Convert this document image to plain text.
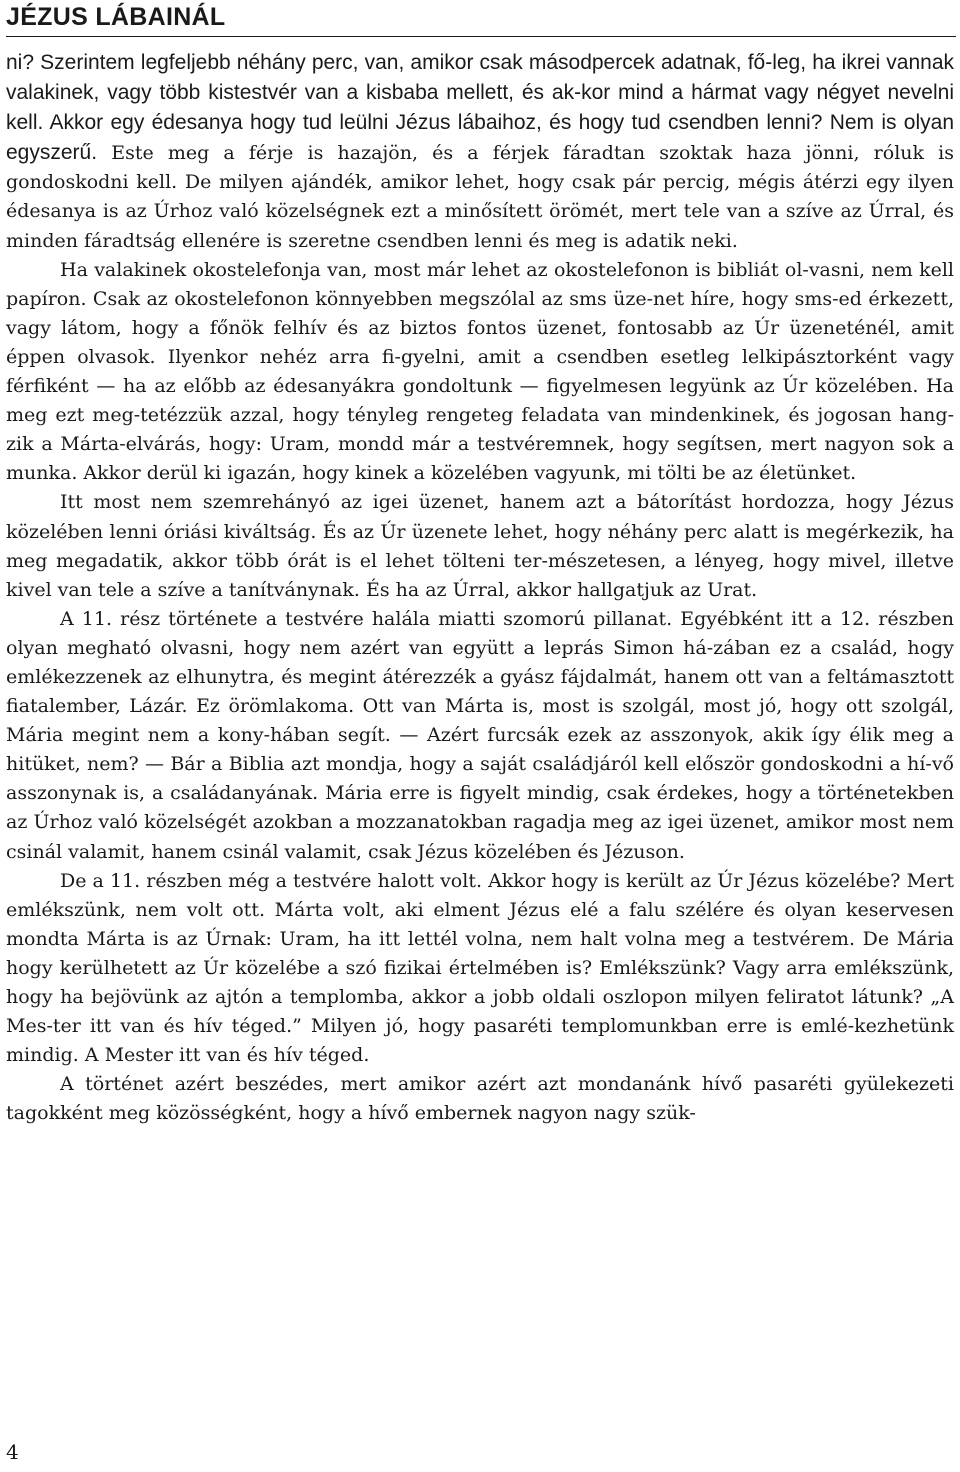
JÉZUS LÁBAINÁL

ni? Szerintem legfeljebb néhány perc, van, amikor csak másodpercek adatnak, fő-leg, ha ikrei vannak valakinek, vagy több kistestvér van a kisbaba mellett, és ak-kor mind a hármat vagy négyet nevelni kell. Akkor egy édesanya hogy tud leülni Jézus lábaihoz, és hogy tud csendben lenni? Nem is olyan egyszerű. Este meg a férje is hazajön, és a férjek fáradtan szoktak haza jönni, róluk is gondoskodni kell. De milyen ajándék, amikor lehet, hogy csak pár percig, mégis átérzi egy ilyen édesanya is az Úrhoz való közelségnek ezt a minősített örömét, mert tele van a szíve az Úrral, és minden fáradtság ellenére is szeretne csendben lenni és meg is adatik neki.

Ha valakinek okostelefonja van, most már lehet az okostelefonon is bibliát ol-vasni, nem kell papíron. Csak az okostelefonon könnyebben megszólal az sms üze-net híre, hogy sms-ed érkezett, vagy látom, hogy a főnök felhív és az biztos fontos üzenet, fontosabb az Úr üzeneténél, amit éppen olvasok. Ilyenkor nehéz arra fi-gyelni, amit a csendben esetleg lelkipásztorként vagy férfiként — ha az előbb az édesanyákra gondoltunk — figyelmesen legyünk az Úr közelében. Ha meg ezt meg-tetézzük azzal, hogy tényleg rengeteg feladata van mindenkinek, és jogosan hang-zik a Márta-elvárás, hogy: Uram, mondd már a testvéremnek, hogy segítsen, mert nagyon sok a munka. Akkor derül ki igazán, hogy kinek a közelében vagyunk, mi tölti be az életünket.

Itt most nem szemrehányó az igei üzenet, hanem azt a bátorítást hordozza, hogy Jézus közelében lenni óriási kiváltság. És az Úr üzenete lehet, hogy néhány perc alatt is megérkezik, ha meg megadatik, akkor több órát is el lehet tölteni ter-mészetesen, a lényeg, hogy mivel, illetve kivel van tele a szíve a tanítványnak. És ha az Úrral, akkor hallgatjuk az Urat.

A 11. rész története a testvére halála miatti szomorú pillanat. Egyébként itt a 12. részben olyan megható olvasni, hogy nem azért van együtt a leprás Simon há-zában ez a család, hogy emlékezzenek az elhunytra, és megint átérezzék a gyász fájdalmát, hanem ott van a feltámasztott fiatalember, Lázár. Ez örömlakoma. Ott van Márta is, most is szolgál, most jó, hogy ott szolgál, Mária megint nem a kony-hában segít. — Azért furcsák ezek az asszonyok, akik így élik meg a hitüket, nem? — Bár a Biblia azt mondja, hogy a saját családjáról kell először gondoskodni a hí-vő asszonynak is, a családanyának. Mária erre is figyelt mindig, csak érdekes, hogy a történetekben az Úrhoz való közelségét azokban a mozzanatokban ragadja meg az igei üzenet, amikor most nem csinál valamit, hanem csinál valamit, csak Jézus közelében és Jézuson.

De a 11. részben még a testvére halott volt. Akkor hogy is került az Úr Jézus közelébe? Mert emlékszünk, nem volt ott. Márta volt, aki elment Jézus elé a falu szélére és olyan keservesen mondta Márta is az Úrnak: Uram, ha itt lettél volna, nem halt volna meg a testvérem. De Mária hogy kerülhetett az Úr közelébe a szó fizikai értelmében is? Emlékszünk? Vagy arra emlékszünk, hogy ha bejövünk az ajtón a templomba, akkor a jobb oldali oszlopon milyen feliratot látunk? „A Mes-ter itt van és hív téged.” Milyen jó, hogy pasaréti templomunkban erre is emlé-kezhetünk mindig. A Mester itt van és hív téged.

A történet azért beszédes, mert amikor azért azt mondanánk hívő pasaréti gyülekezeti tagokként meg közösségként, hogy a hívő embernek nagyon nagy szük-

4
